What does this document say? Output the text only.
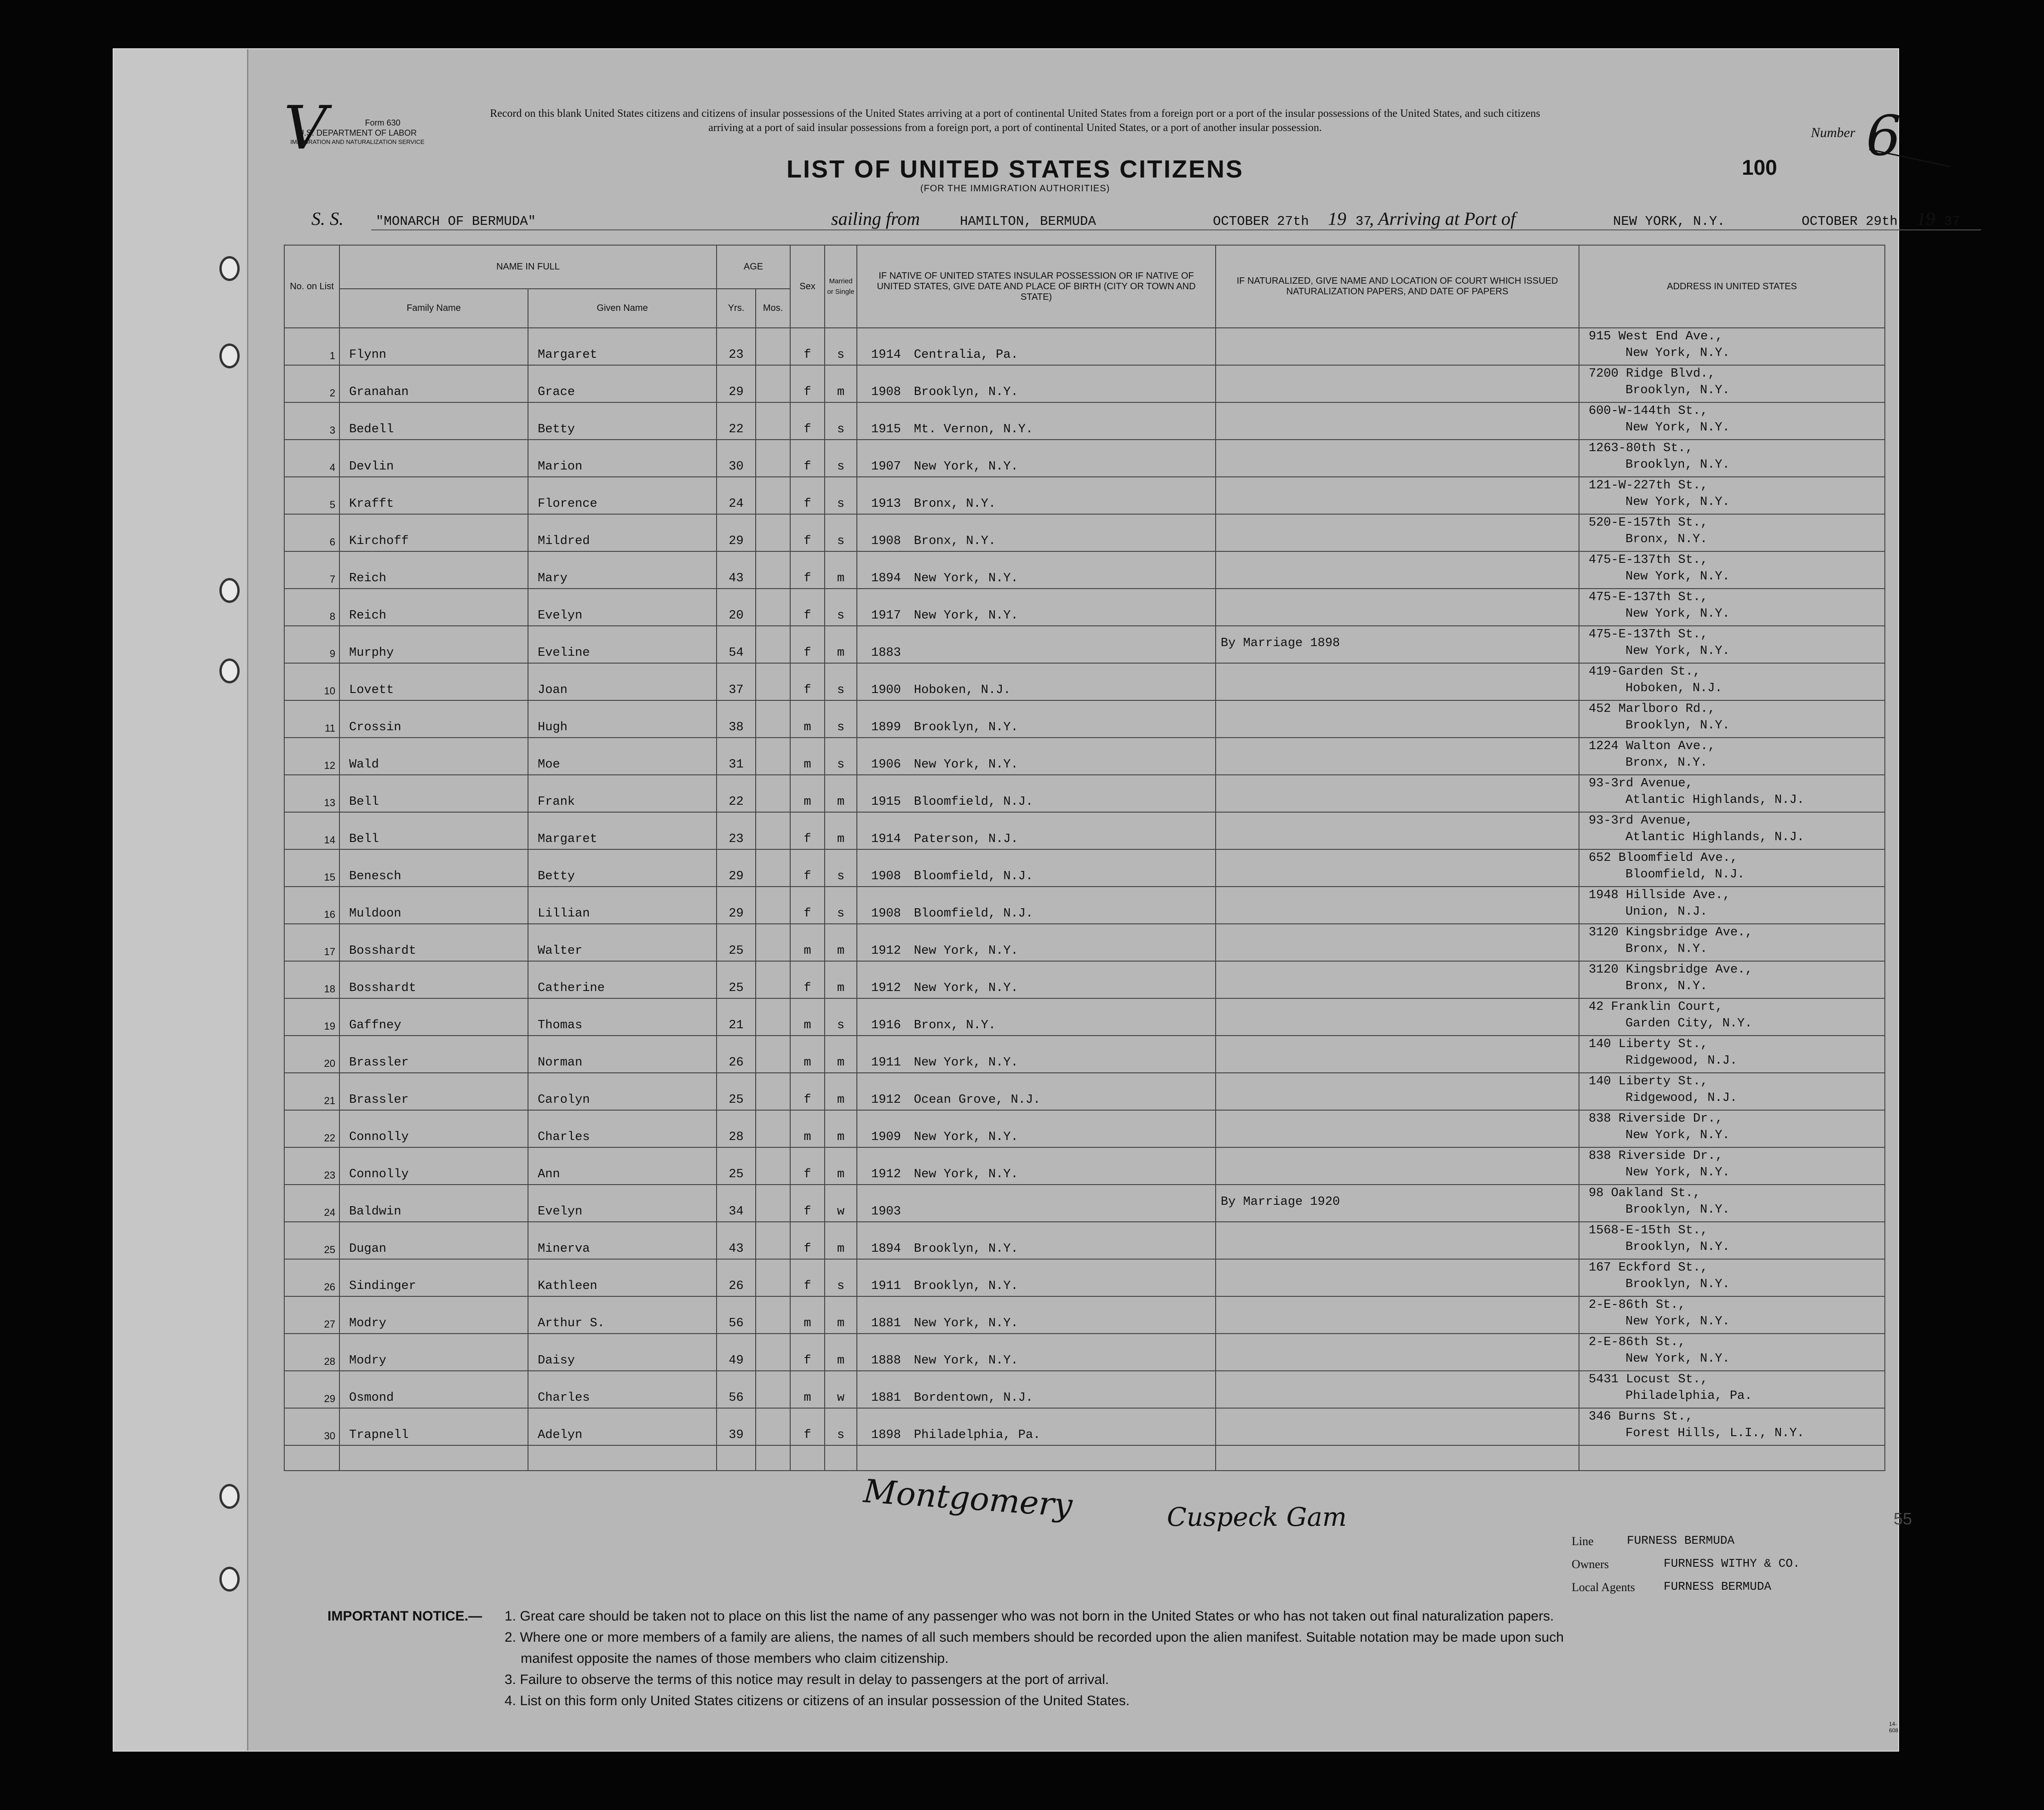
V	Form 630
U.S. DEPARTMENT OF LABOR
IMMIGRATION AND NATURALIZATION SERVICE
Record on this blank United States citizens and citizens of insular possessions of the United States arriving at a port of continental United States from a foreign port or a port of the insular possessions of the United States, and such citizens arriving at a port of said insular possessions from a foreign port, a port of continental United States, or a port of another insular possession.
LIST OF UNITED STATES CITIZENS
(FOR THE IMMIGRATION AUTHORITIES)
Number 6
100
S. S. "MONARCH OF BERMUDA"	sailing from	HAMILTON, BERMUDA	OCTOBER 27th 19 37
, Arriving at Port of	NEW YORK, N.Y.	OCTOBER 29th 19 37
No. on List	NAME IN FULL		AGE		Sex	Married or Single	IF NATIVE OF UNITED STATES INSULAR POSSESSION OR IF NATIVE OF UNITED STATES, GIVE DATE AND PLACE OF BIRTH (CITY OR TOWN AND STATE)	IF NATURALIZED, GIVE NAME AND LOCATION OF COURT WHICH ISSUED NATURALIZATION PAPERS, AND DATE OF PAPERS	ADDRESS IN UNITED STATES
	Family Name	Given Name	Yrs.	Mos.					
1	Flynn	Margaret	23		f	s	1914 Centralia, Pa.		915 West End Ave.,
New York, N.Y.

2	Granahan	Grace	29		f	m	1908 Brooklyn, N.Y.		7200 Ridge Blvd.,
Brooklyn, N.Y.

3	Bedell	Betty	22		f	s	1915 Mt. Vernon, N.Y.		600-W-144th St.,
New York, N.Y.

4	Devlin	Marion	30		f	s	1907 New York, N.Y.		1263-80th St.,
Brooklyn, N.Y.

5	Krafft	Florence	24		f	s	1913 Bronx, N.Y.		121-W-227th St.,
New York, N.Y.

6	Kirchoff	Mildred	29		f	s	1908 Bronx, N.Y.		520-E-157th St.,
Bronx, N.Y.

7	Reich	Mary	43		f	m	1894 New York, N.Y.		475-E-137th St.,
New York, N.Y.

8	Reich	Evelyn	20		f	s	1917 New York, N.Y.		475-E-137th St.,
New York, N.Y.

9	Murphy	Eveline	54		f	m	1883	By Marriage 1898	475-E-137th St.,
New York, N.Y.

10	Lovett	Joan	37		f	s	1900 Hoboken, N.J.		419-Garden St.,
Hoboken, N.J.

11	Crossin	Hugh	38		m	s	1899 Brooklyn, N.Y.		452 Marlboro Rd.,
Brooklyn, N.Y.

12	Wald	Moe	31		m	s	1906 New York, N.Y.		1224 Walton Ave.,
Bronx, N.Y.

13	Bell	Frank	22		m	m	1915 Bloomfield, N.J.		93-3rd Avenue,
Atlantic Highlands, N.J.

14	Bell	Margaret	23		f	m	1914 Paterson, N.J.		93-3rd Avenue,
Atlantic Highlands, N.J.

15	Benesch	Betty	29		f	s	1908 Bloomfield, N.J.		652 Bloomfield Ave.,
Bloomfield, N.J.

16	Muldoon	Lillian	29		f	s	1908 Bloomfield, N.J.		1948 Hillside Ave.,
Union, N.J.

17	Bosshardt	Walter	25		m	m	1912 New York, N.Y.		3120 Kingsbridge Ave.,
Bronx, N.Y.

18	Bosshardt	Catherine	25		f	m	1912 New York, N.Y.		3120 Kingsbridge Ave.,
Bronx, N.Y.

19	Gaffney	Thomas	21		m	s	1916 Bronx, N.Y.		42 Franklin Court,
Garden City, N.Y.

20	Brassler	Norman	26		m	m	1911 New York, N.Y.		140 Liberty St.,
Ridgewood, N.J.

21	Brassler	Carolyn	25		f	m	1912 Ocean Grove, N.J.		140 Liberty St.,
Ridgewood, N.J.

22	Connolly	Charles	28		m	m	1909 New York, N.Y.		838 Riverside Dr.,
New York, N.Y.

23	Connolly	Ann	25		f	m	1912 New York, N.Y.		838 Riverside Dr.,
New York, N.Y.

24	Baldwin	Evelyn	34		f	w	1903	By Marriage 1920	98 Oakland St.,
Brooklyn, N.Y.

25	Dugan	Minerva	43		f	m	1894 Brooklyn, N.Y.		1568-E-15th St.,
Brooklyn, N.Y.

26	Sindinger	Kathleen	26		f	s	1911 Brooklyn, N.Y.		167 Eckford St.,
Brooklyn, N.Y.

27	Modry	Arthur S.	56		m	m	1881 New York, N.Y.		2-E-86th St.,
New York, N.Y.

28	Modry	Daisy	49		f	m	1888 New York, N.Y.		2-E-86th St.,
New York, N.Y.

29	Osmond	Charles	56		m	w	1881 Bordentown, N.J.		5431 Locust St.,
Philadelphia, Pa.

30	Trapnell	Adelyn	39		f	s	1898 Philadelphia, Pa.		346 Burns St.,
Forest Hills, L.I., N.Y.

Montgomery	Cuspeck Gam	55
Line	FURNESS BERMUDA
Owners	FURNESS WITHY & CO.
Local Agents FURNESS BERMUDA
IMPORTANT NOTICE.— 1. Great care should be taken not to place on this list the name of any passenger who was not born in the United States or who has not taken out final naturalization papers.
2. Where one or more members of a family are aliens, the names of all such members should be recorded upon the alien manifest. Suitable notation may be made upon such
manifest opposite the names of those members who claim citizenship.
3. Failure to observe the terms of this notice may result in delay to passengers at the port of arrival.
4. List on this form only United States citizens or citizens of an insular possession of the United States.
14-608
